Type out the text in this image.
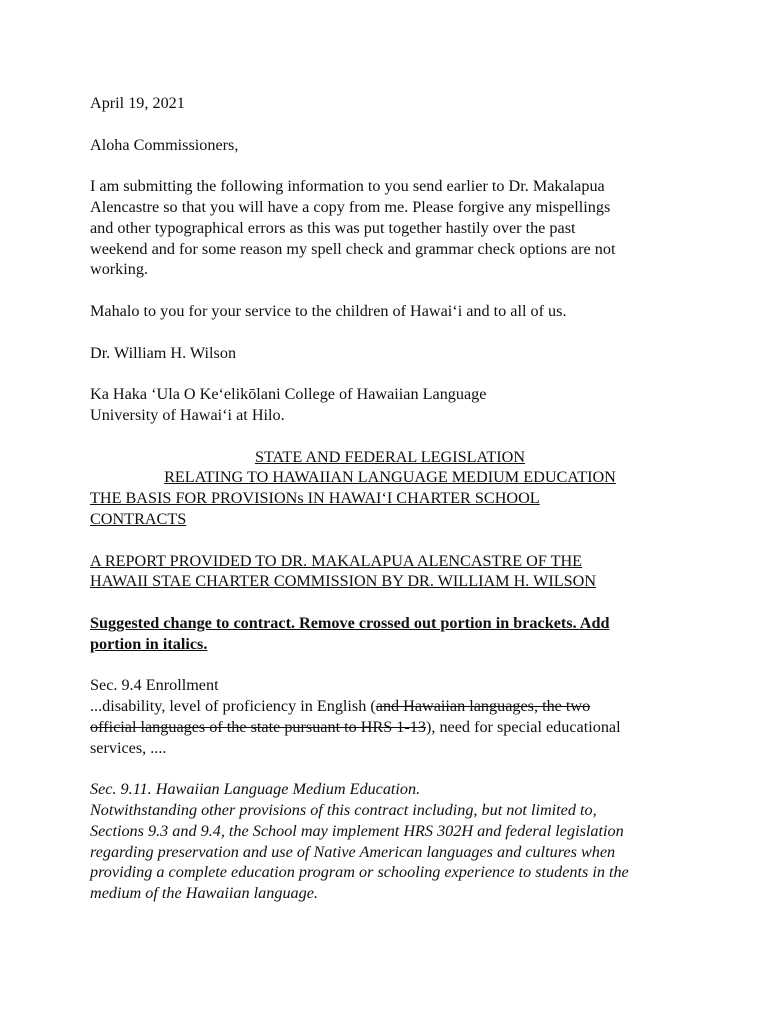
April 19, 2021

Aloha Commissioners,

I am submitting the following information to you send earlier to Dr. Makalapua
Alencastre so that you will have a copy from me. Please forgive any mispellings
and other typographical errors as this was put together hastily over the past
weekend and for some reason my spell check and grammar check options are not
working.

Mahalo to you for your service to the children of Hawai‘i and to all of us.

Dr. William H. Wilson

Ka Haka ‘Ula O Ke‘elikōlani College of Hawaiian Language
University of Hawai‘i at Hilo.
STATE AND FEDERAL LEGISLATION
RELATING TO HAWAIIAN LANGUAGE MEDIUM EDUCATION
THE BASIS FOR PROVISIONs IN HAWAI‘I CHARTER SCHOOL
CONTRACTS
A REPORT PROVIDED TO DR. MAKALAPUA ALENCASTRE OF THE
HAWAII STAE CHARTER COMMISSION BY DR. WILLIAM H. WILSON
Suggested change to contract. Remove crossed out portion in brackets. Add
portion in italics.
Sec. 9.4 Enrollment
...disability, level of proficiency in English (and Hawaiian languages, the two
official languages of the state pursuant to HRS 1-13), need for special educational
services, ....
Sec. 9.11. Hawaiian Language Medium Education.
Notwithstanding other provisions of this contract including, but not limited to,
Sections 9.3 and 9.4, the School may implement HRS 302H and federal legislation
regarding preservation and use of Native American languages and cultures when
providing a complete education program or schooling experience to students in the
medium of the Hawaiian language.
